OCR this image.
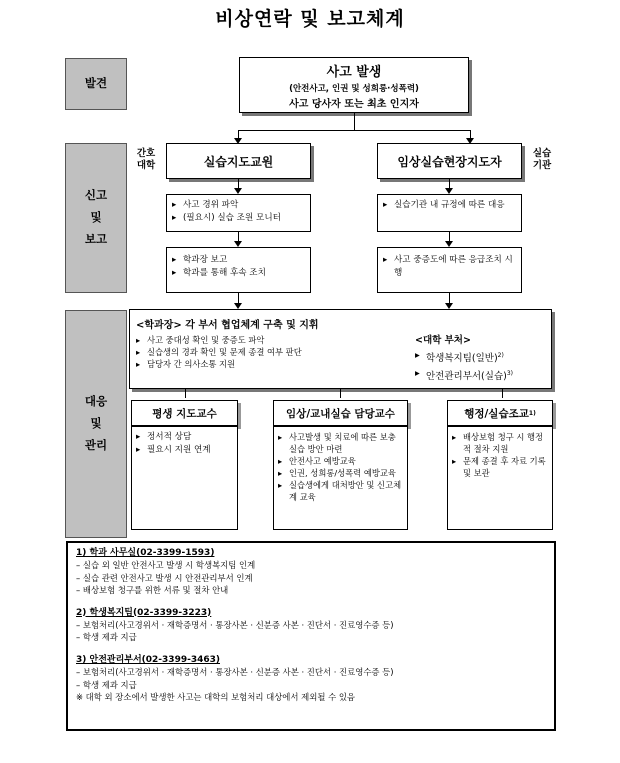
비상연락 및 보고체계
발견
신고
및
보고
대응
및
관리
사고 발생
(안전사고, 인권 및 성희롱·성폭력)
사고 당사자 또는 최초 인지자
간호
대학
실습
기관
실습지도교원
▸ 사고 경위 파악
▸ (필요시) 실습 조원 모니터
▸ 학과장 보고
▸ 학과를 통해 후속 조치
임상실습현장지도자
▸ 실습기관 내 규정에 따른 대응
▸ 사고 중증도에 따른 응급조치 시행
<학과장> 각 부서 협업체계 구축 및 지휘
▸ 사고 중대성 확인 및 중증도 파악
▸ 실습생의 경과 확인 및 문제 종결 여부 판단
▸ 담당자 간 의사소통 지원
<대학 부처>
▸ 학생복지팀(일반)$^{2)}$
▸ 안전관리부서(실습)$^{3)}$
평생 지도교수
▸ 정서적 상담
▸ 필요시 지원 연계
임상/교내실습 담당교수
▸ 사고발생 및 치료에 따른 보충실습 방안 마련
▸ 안전사고 예방교육
▸ 인권, 성희롱/성폭력 예방교육
▸ 실습생에게 대처방안 및 신고체계 교육
행정/실습조교 1)
▸ 배상보험 청구 시 행정적 절차 지원
▸ 문제 종결 후 자료 기록 및 보관
1) 학과 사무실(02-3399-1593)
– 실습 외 일반 안전사고 발생 시 학생복지팀 인계
– 실습 관련 안전사고 발생 시 안전관리부서 인계
– 배상보험 청구를 위한 서류 및 절차 안내
2) 학생복지팀(02-3399-3223)
– 보험처리(사고경위서 · 재학증명서 · 통장사본 · 신분증 사본 · 진단서 · 진료영수증 등)
– 학생 제과 지급
3) 안전관리부서(02-3399-3463)
– 보험처리(사고경위서 · 재학증명서 · 통장사본 · 신분증 사본 · 진단서 · 진료영수증 등)
– 학생 제과 지급
※ 대학 외 장소에서 발생한 사고는 대학의 보험처리 대상에서 제외될 수 있음
